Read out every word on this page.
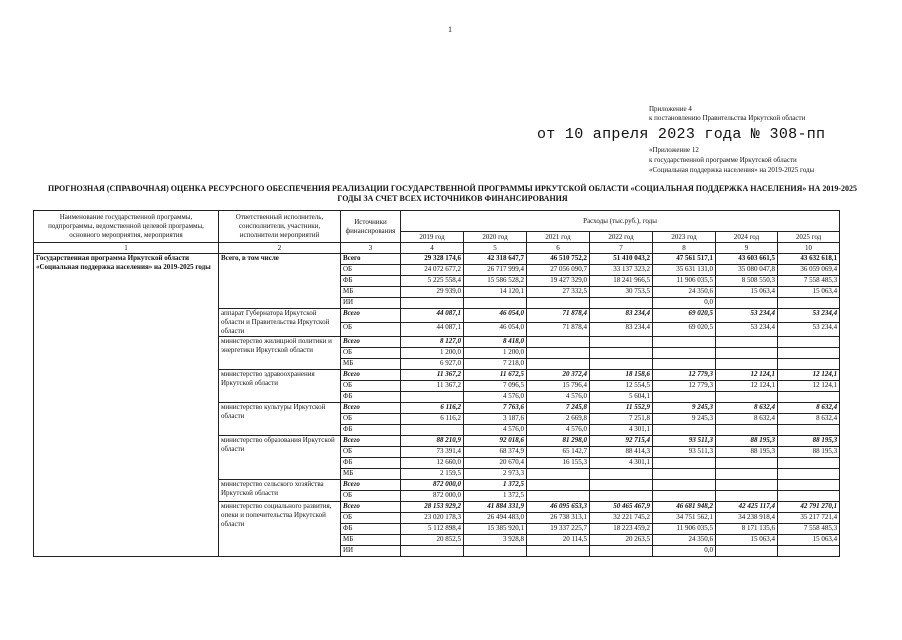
1
Приложение 4
к постановлению Правительства Иркутской области
от 10 апреля 2023 года № 308-пп
«Приложение 12
к государственной программе Иркутской области
«Социальная поддержка населения» на 2019-2025 годы
ПРОГНОЗНАЯ (СПРАВОЧНАЯ) ОЦЕНКА РЕСУРСНОГО ОБЕСПЕЧЕНИЯ РЕАЛИЗАЦИИ ГОСУДАРСТВЕННОЙ ПРОГРАММЫ ИРКУТСКОЙ ОБЛАСТИ «СОЦИАЛЬНАЯ ПОДДЕРЖКА НАСЕЛЕНИЯ» НА 2019-2025
ГОДЫ ЗА СЧЕТ ВСЕХ ИСТОЧНИКОВ ФИНАНСИРОВАНИЯ
Наименование государственной программы, подпрограммы, ведомственной целевой программы, основного мероприятия, мероприятия	Ответственный исполнитель, соисполнители, участники, исполнители мероприятий	Источники финансирования	Расходы (тыс.руб.), годы						
			2019 год	2020 год	2021 год	2022 год	2023 год	2024 год	2025 год
1	2	3	4	5	6	7	8	9	10
Государственная программа Иркутской области «Социальная поддержка населения» на 2019-2025 годы	Всего, в том числе	Всего	29 328 174,6	42 318 647,7	46 510 752,2	51 410 043,2	47 561 517,1	43 603 661,5	43 632 618,1
		ОБ	24 072 677,2	26 717 999,4	27 056 090,7	33 137 323,2	35 631 131,0	35 080 047,8	36 059 069,4
		ФБ	5 225 558,4	15 586 528,2	19 427 329,0	18 241 966,5	11 906 035,5	8 508 550,3	7 558 485,3
		МБ	29 939,0	14 120,1	27 332,5	30 753,5	24 350,6	15 063,4	15 063,4
		ИИ					0,0		
	аппарат Губернатора Иркутской области и Правительства Иркутской области	Всего	44 087,1	46 054,0	71 878,4	83 234,4	69 020,5	53 234,4	53 234,4
		ОБ	44 087,1	46 054,0	71 878,4	83 234,4	69 020,5	53 234,4	53 234,4
	министерство жилищной политики и энергетики Иркутской области	Всего	8 127,0	8 418,0					
		ОБ	1 200,0	1 200,0					
		МБ	6 927,0	7 218,0					
	министерство здравоохранения Иркутской области	Всего	11 367,2	11 672,5	20 372,4	18 158,6	12 779,3	12 124,1	12 124,1
		ОБ	11 367,2	7 096,5	15 796,4	12 554,5	12 779,3	12 124,1	12 124,1
		ФБ		4 576,0	4 576,0	5 604,1			
	министерство культуры Иркутской области	Всего	6 116,2	7 763,6	7 245,8	11 552,9	9 245,3	8 632,4	8 632,4
		ОБ	6 116,2	3 187,6	2 669,8	7 251,8	9 245,3	8 632,4	8 632,4
		ФБ		4 576,0	4 576,0	4 301,1			
	министерство образования Иркутской области	Всего	88 210,9	92 018,6	81 298,0	92 715,4	93 511,3	88 195,3	88 195,3
		ОБ	73 391,4	68 374,9	65 142,7	88 414,3	93 511,3	88 195,3	88 195,3
		ФБ	12 660,0	20 670,4	16 155,3	4 301,1			
		МБ	2 159,5	2 973,3					
	министерство сельского хозяйства Иркутской области	Всего	872 000,0	1 372,5					
		ОБ	872 000,0	1 372,5					
	министерство социального развития, опеки и попечительства Иркутской области	Всего	28 153 929,2	41 884 331,9	46 095 653,3	50 465 467,9	46 681 948,2	42 425 117,4	42 791 270,1
		ОБ	23 020 178,3	26 494 483,0	26 738 313,1	32 221 745,2	34 751 562,1	34 238 918,4	35 217 721,4
		ФБ	5 112 898,4	15 385 920,1	19 337 225,7	18 223 459,2	11 906 035,5	8 171 135,6	7 558 485,3
		МБ	20 852,5	3 928,8	20 114,5	20 263,5	24 350,6	15 063,4	15 063,4
		ИИ					0,0		
